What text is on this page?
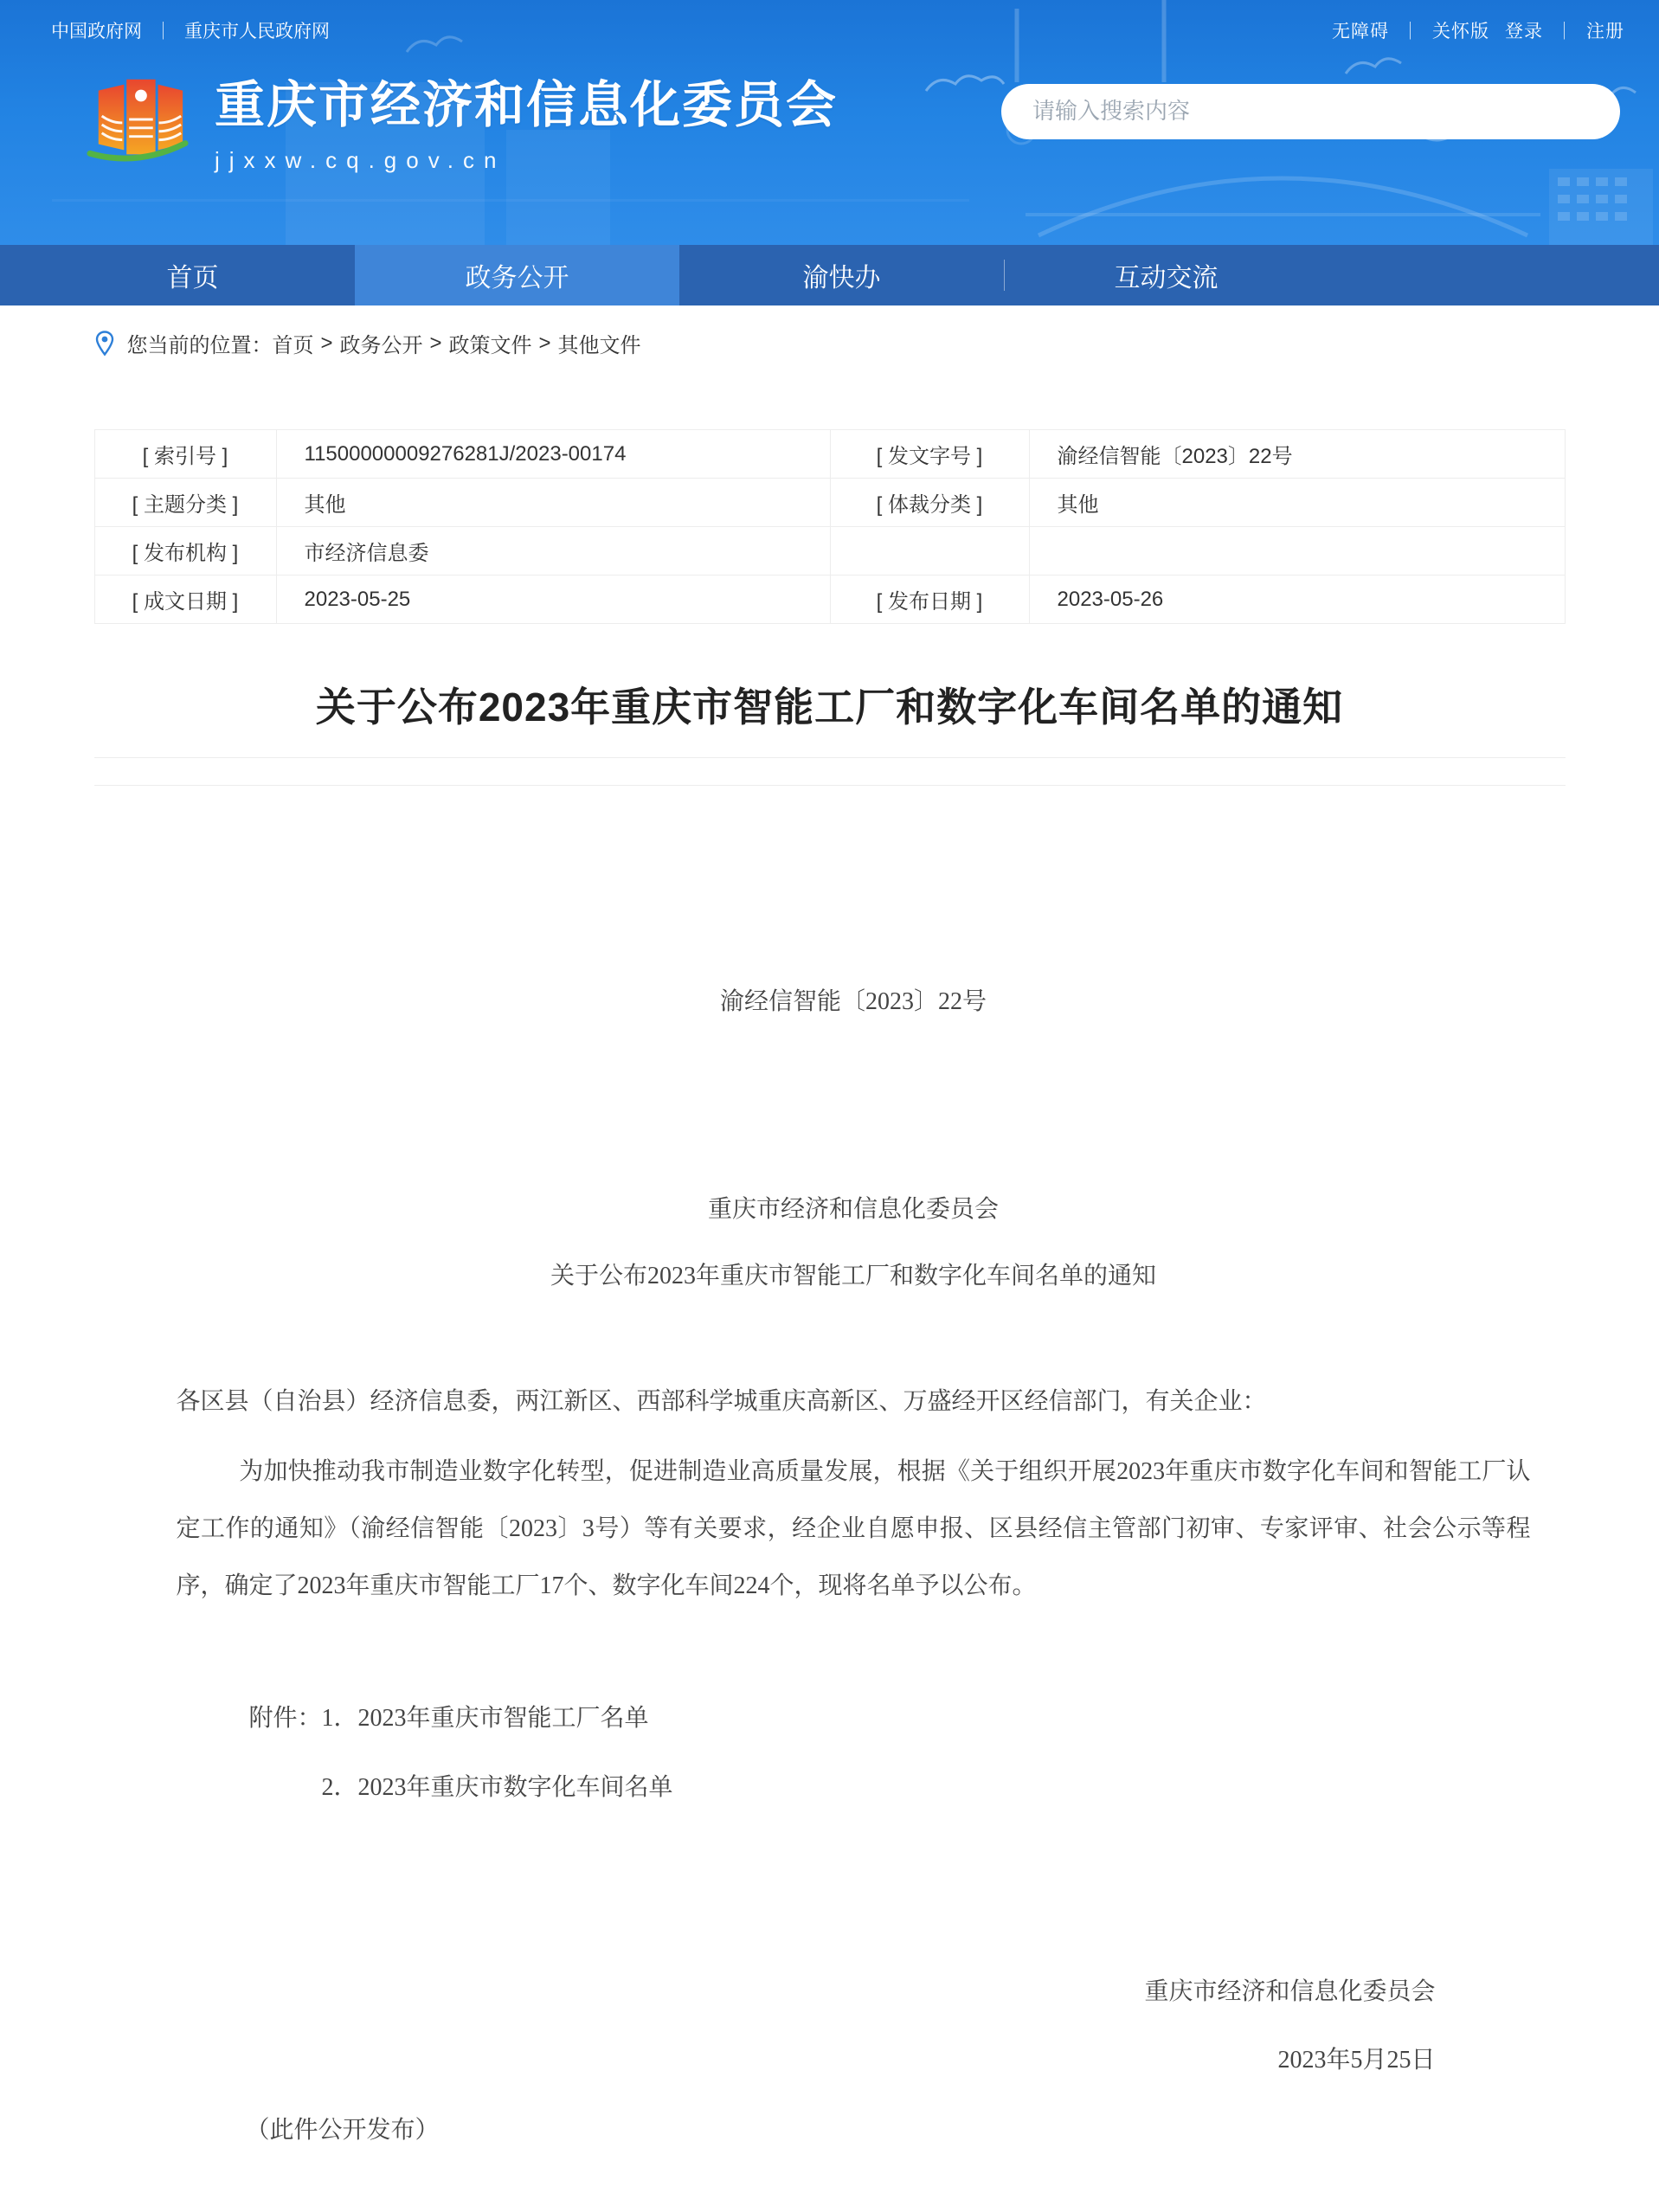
中国政府网 ｜ 重庆市人民政府网	无障碍 ｜ 关怀版 登录 ｜ 注册
重庆市经济和信息化委员会
jjxxw.cq.gov.cn
请输入搜索内容
首页	政务公开	渝快办	互动交流
您当前的位置： 首页 > 政务公开 > 政策文件 > 其他文件
[ 索引号 ]	11500000009276281J/2023-00174	[ 发文字号 ]	渝经信智能〔2023〕22号
[ 主题分类 ]	其他	[ 体裁分类 ]	其他
[ 发布机构 ]	市经济信息委
[ 成文日期 ]	2023-05-25	[ 发布日期 ]	2023-05-26
关于公布2023年重庆市智能工厂和数字化车间名单的通知
渝经信智能〔2023〕22号
重庆市经济和信息化委员会
关于公布2023年重庆市智能工厂和数字化车间名单的通知
各区县（自治县）经济信息委，两江新区、西部科学城重庆高新区、万盛经开区经信部门，有关企业：
为加快推动我市制造业数字化转型，促进制造业高质量发展，根据《关于组织开展2023年重庆市数字化车间和智能工厂认定工作的通知》（渝经信智能〔2023〕3号）等有关要求，经企业自愿申报、区县经信主管部门初审、专家评审、社会公示等程序，确定了2023年重庆市智能工厂17个、数字化车间224个，现将名单予以公布。
附件：1．2023年重庆市智能工厂名单
2．2023年重庆市数字化车间名单
重庆市经济和信息化委员会
2023年5月25日
（此件公开发布）
